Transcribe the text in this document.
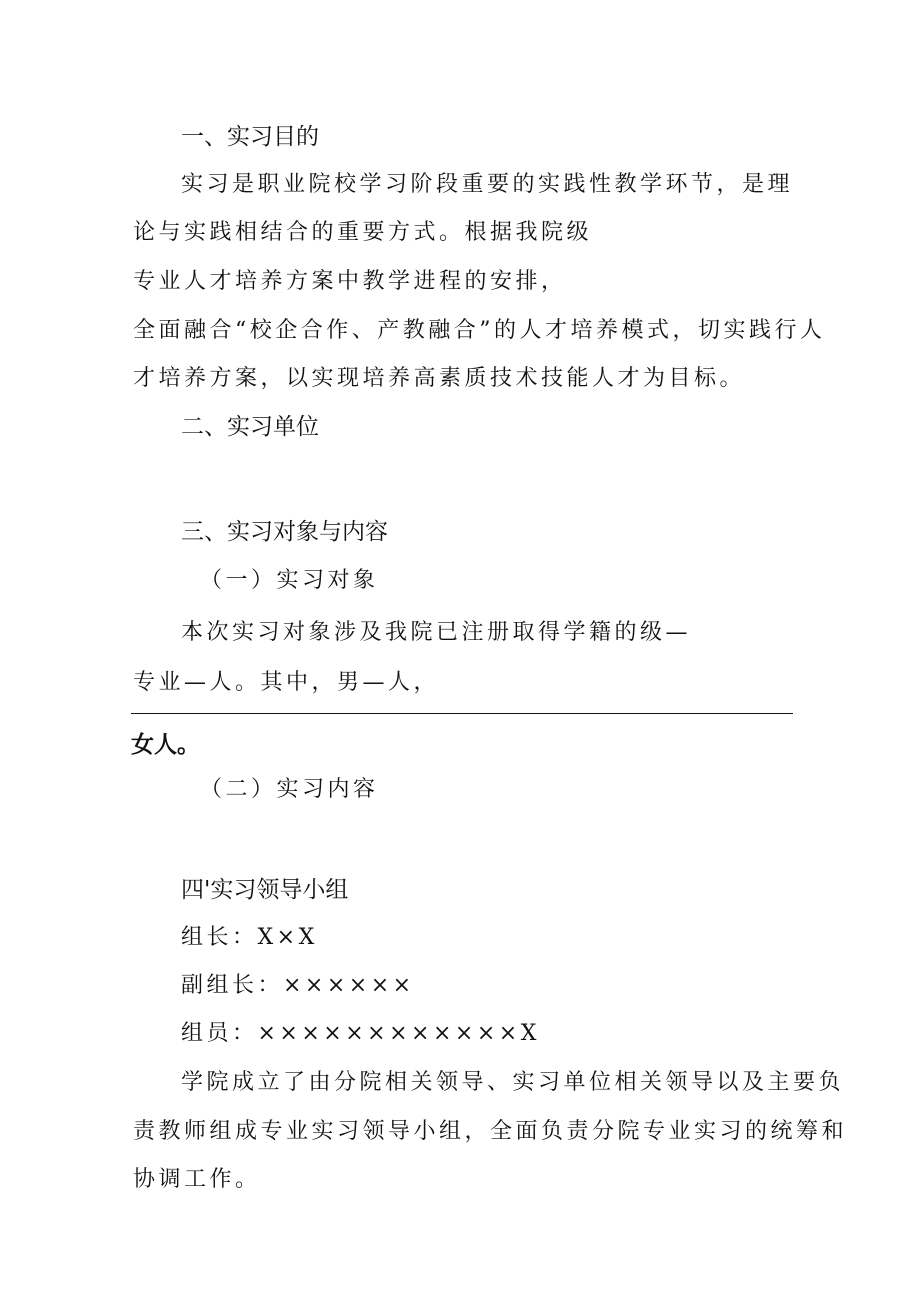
一、实习目的

实习是职业院校学习阶段重要的实践性教学环节，是理

论与实践相结合的重要方式。根据我院级

专业人才培养方案中教学进程的安排，

全面融合“校企合作、产教融合”的人才培养模式，切实践行人

才培养方案，以实现培养高素质技术技能人才为目标。

二、实习单位

三、实习对象与内容

（一）实习对象

本次实习对象涉及我院已注册取得学籍的级—

专业—人。其中，男—人，

女人。

（二）实习内容

四'实习领导小组

组长：X×X

副组长：××××××

组员：××××××××××××X

学院成立了由分院相关领导、实习单位相关领导以及主要负

责教师组成专业实习领导小组，全面负责分院专业实习的统筹和

协调工作。
